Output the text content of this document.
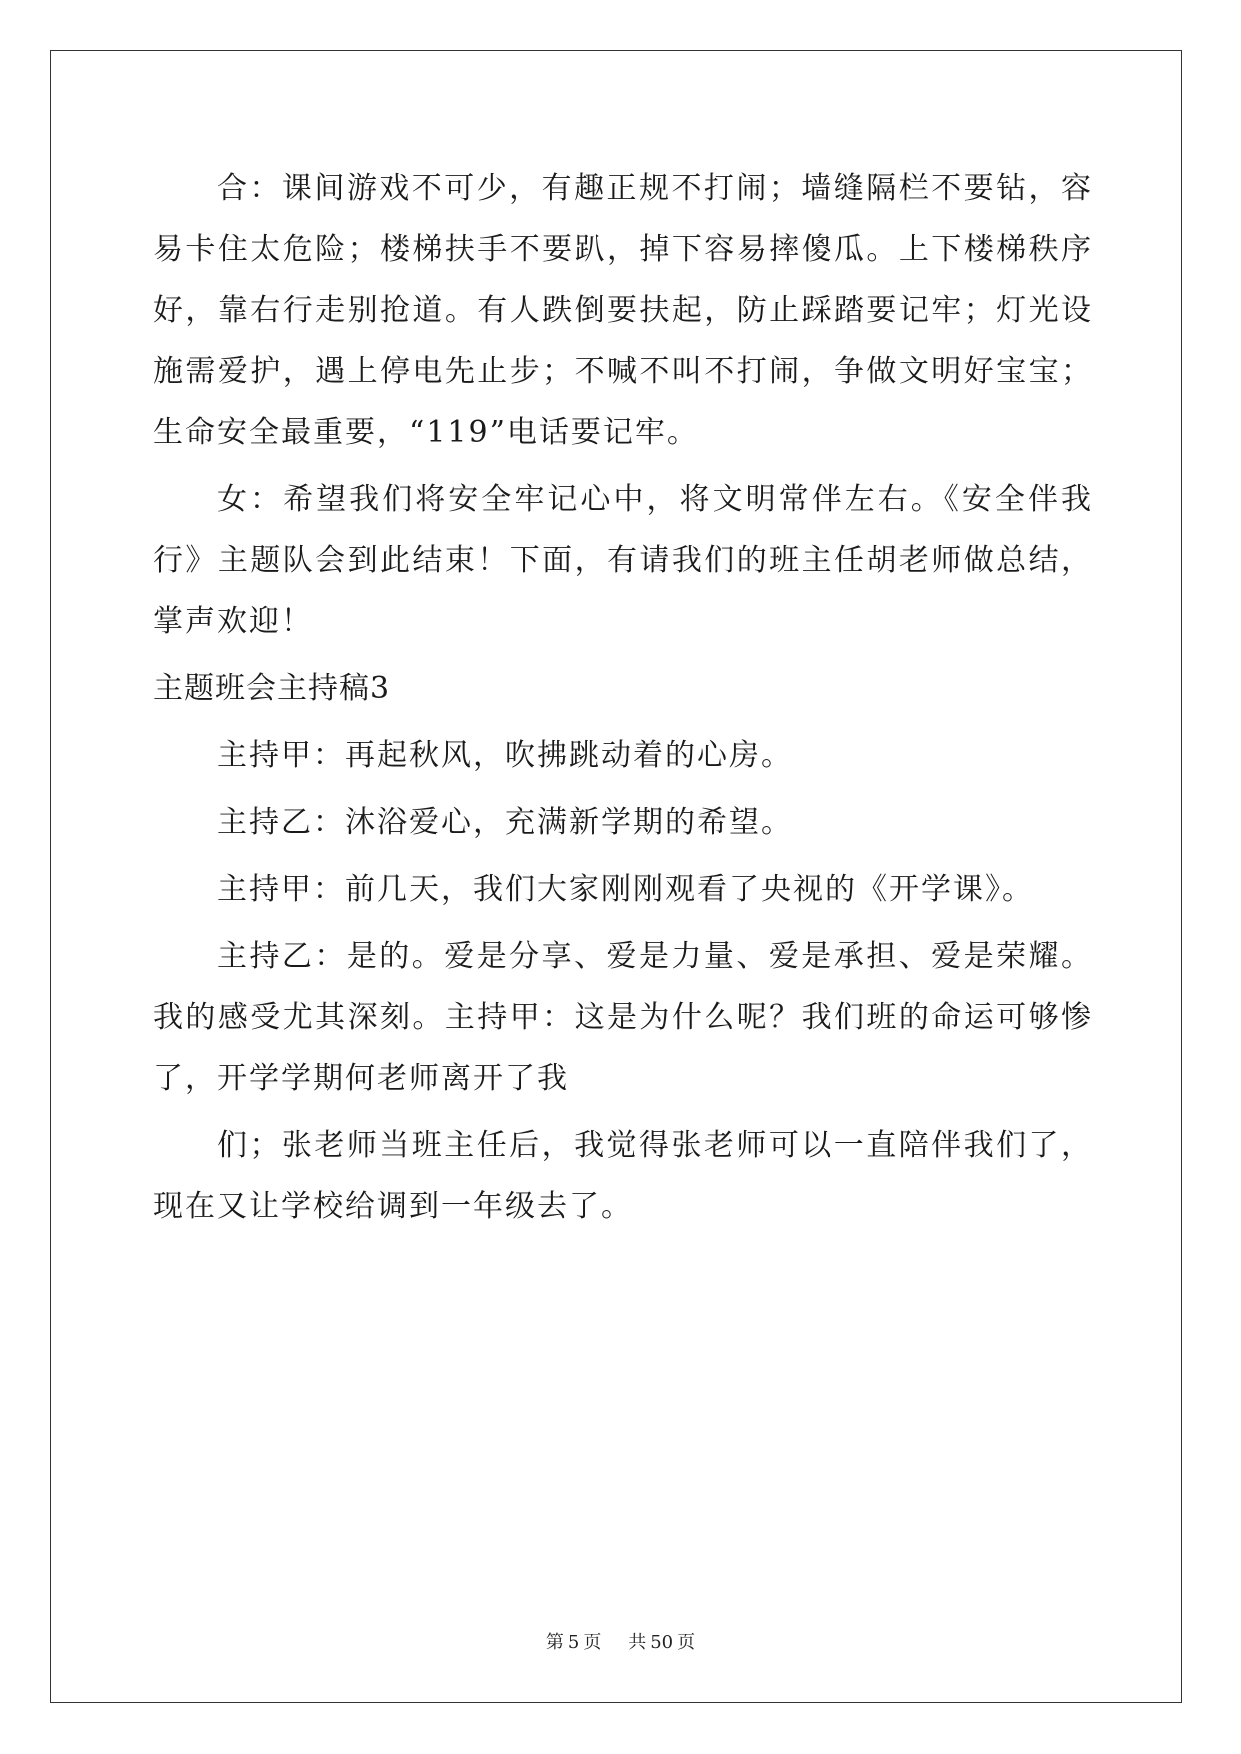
合：课间游戏不可少，有趣正规不打闹；墙缝隔栏不要钻，容易卡住太危险；楼梯扶手不要趴，掉下容易摔傻瓜。上下楼梯秩序好，靠右行走别抢道。有人跌倒要扶起，防止踩踏要记牢；灯光设施需爱护，遇上停电先止步；不喊不叫不打闹，争做文明好宝宝；生命安全最重要，“119”电话要记牢。

女：希望我们将安全牢记心中，将文明常伴左右。《安全伴我行》主题队会到此结束！下面，有请我们的班主任胡老师做总结，掌声欢迎！

主题班会主持稿3

主持甲：再起秋风，吹拂跳动着的心房。

主持乙：沐浴爱心，充满新学期的希望。

主持甲：前几天，我们大家刚刚观看了央视的《开学课》。

主持乙：是的。爱是分享、爱是力量、爱是承担、爱是荣耀。我的感受尤其深刻。主持甲：这是为什么呢？我们班的命运可够惨了，开学学期何老师离开了我

们；张老师当班主任后，我觉得张老师可以一直陪伴我们了，现在又让学校给调到一年级去了。

第 5 页 共 50 页
